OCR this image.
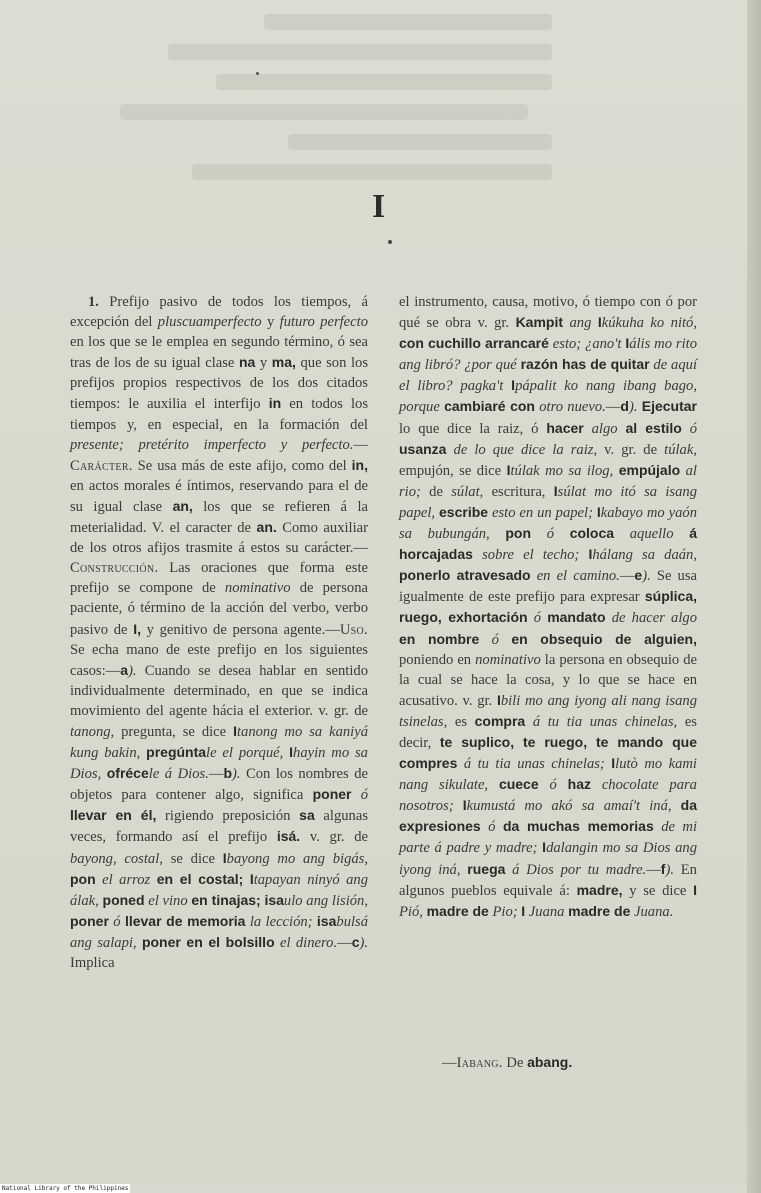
I

1. Prefijo pasivo de todos los tiempos, á excepción del pluscuamperfecto y futuro perfecto en los que se le emplea en segundo término, ó sea tras de los de su igual clase na y ma, que son los prefijos propios respectivos de los dos citados tiempos: le auxilia el interfijo in en todos los tiempos y, en especial, en la formación del presente; pretérito imperfecto y perfecto.—Carácter. Se usa más de este afijo, como del in, en actos morales é íntimos, reservando para el de su igual clase an, los que se refieren á la meterialidad. V. el caracter de an. Como auxiliar de los otros afijos trasmite á estos su carácter.—Construcción. Las oraciones que forma este prefijo se compone de nominativo de persona paciente, ó término de la acción del verbo, verbo pasivo de I, y genitivo de persona agente.—Uso. Se echa mano de este prefijo en los siguientes casos:—a). Cuando se desea hablar en sentido individualmente determinado, en que se indica movimiento del agente hácia el exterior. v. gr. de tanong, pregunta, se dice Itanong mo sa kaniyá kung bakin, pregúntale el porqué, Ihayin mo sa Dios, ofrécele á Dios.—b). Con los nombres de objetos para contener algo, significa poner ó llevar en él, rigiendo preposición sa algunas veces, formando así el prefijo isá. v. gr. de bayong, costal, se dice Ibayong mo ang bigás, pon el arroz en el costal; Itapayan ninyó ang álak, poned el vino en tinajas; isaulo ang lisión, poner ó llevar de memoria la lección; isabulsá ang salapi, poner en el bolsillo el dinero.—c). Implica

el instrumento, causa, motivo, ó tiempo con ó por qué se obra v. gr. Kampit ang Ikúkuha ko nitó, con cuchillo arrancaré esto; ¿ano't Iális mo rito ang libró? ¿por qué razón has de quitar de aquí el libro? pagka't Ipápalit ko nang ibang bago, porque cambiaré con otro nuevo.—d). Ejecutar lo que dice la raiz, ó hacer algo al estilo ó usanza de lo que dice la raiz, v. gr. de túlak, empujón, se dice Itúlak mo sa ilog, empújalo al rio; de súlat, escritura, Isúlat mo itó sa isang papel, escribe esto en un papel; Ikabayo mo yaón sa bubungán, pon ó coloca aquello á horcajadas sobre el techo; Ihálang sa daán, ponerlo atravesado en el camino.—e). Se usa igualmente de este prefijo para expresar súplica, ruego, exhortación ó mandato de hacer algo en nombre ó en obsequio de alguien, poniendo en nominativo la persona en obsequio de la cual se hace la cosa, y lo que se hace en acusativo. v. gr. Ibili mo ang iyong ali nang isang tsinelas, es compra á tu tia unas chinelas, es decir, te suplico, te ruego, te mando que compres á tu tia unas chinelas; Ilutò mo kami nang sikulate, cuece ó haz chocolate para nosotros; Ikumustá mo akó sa amaí't iná, da expresiones ó da muchas memorias de mi parte á padre y madre; Idalangin mo sa Dios ang iyong iná, ruega á Dios por tu madre.—f). En algunos pueblos equivale á: madre, y se dice I Pió, madre de Pio; I Juana madre de Juana.

—Iabang. De abang.
National Library of the Philippines
